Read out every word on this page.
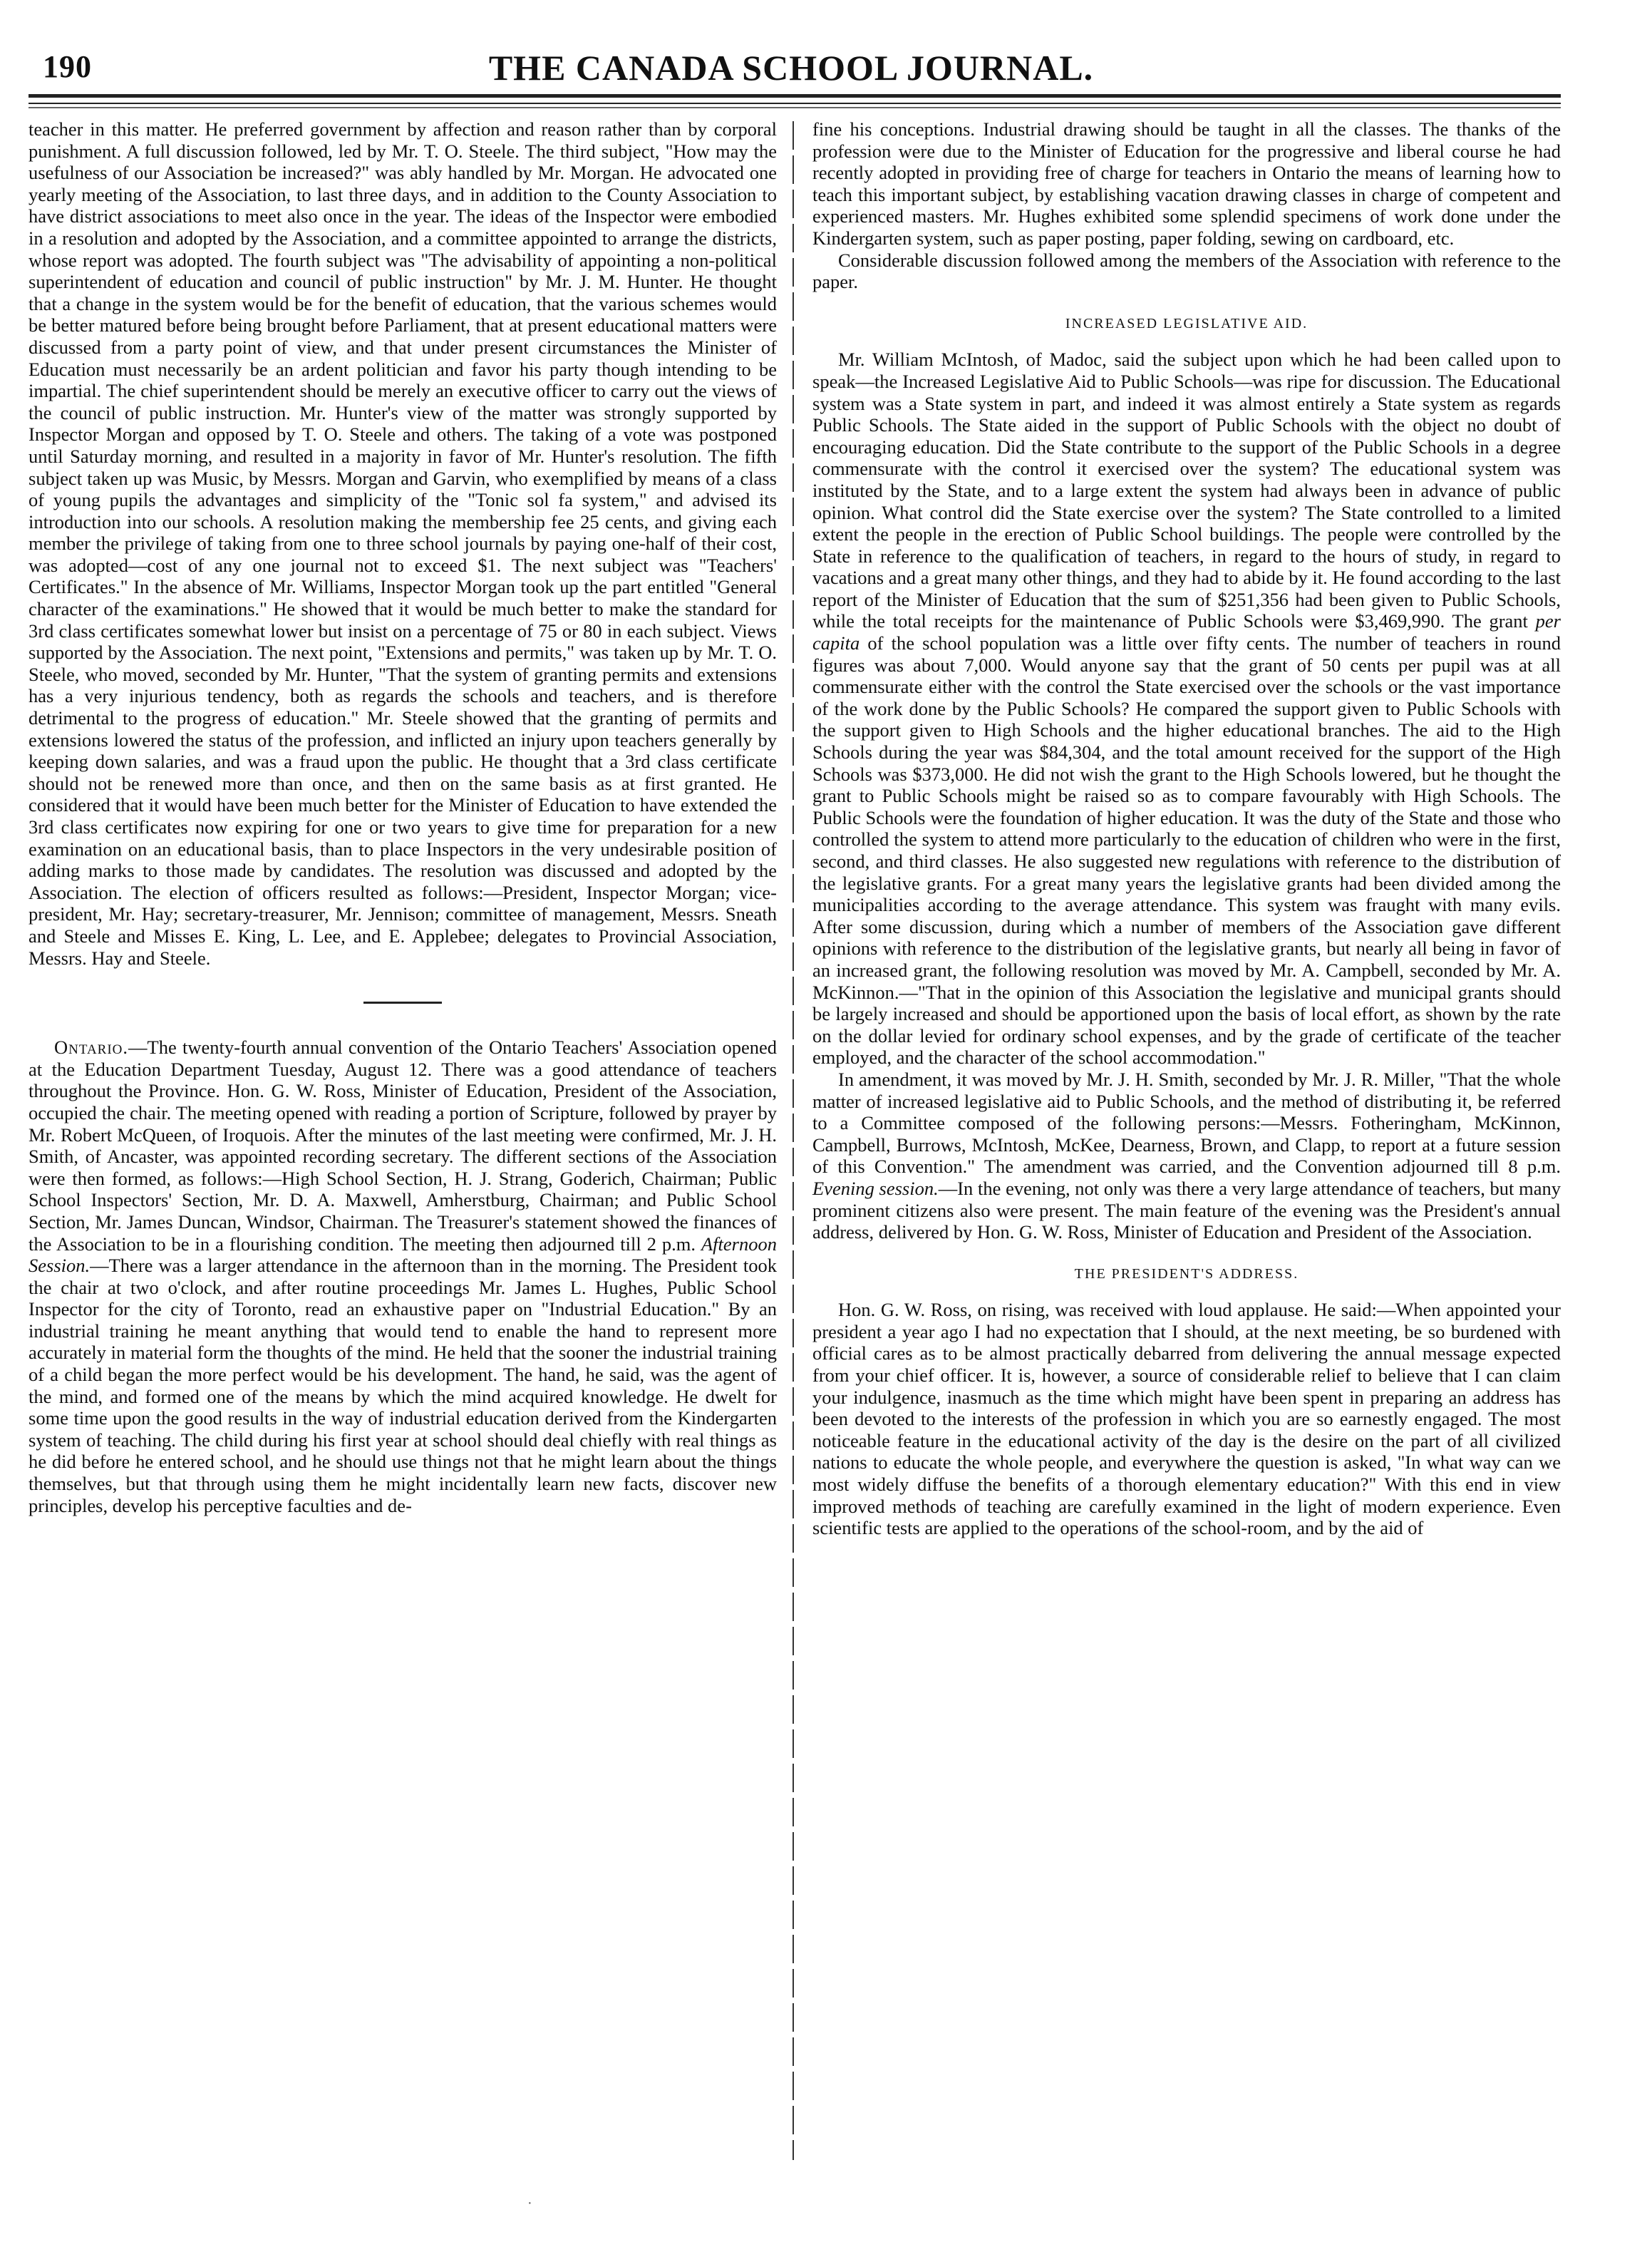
190	THE CANADA SCHOOL JOURNAL.

teacher in this matter. He preferred government by affection and reason rather than by corporal punishment. A full discussion followed, led by Mr. T. O. Steele. The third subject, "How may the usefulness of our Association be increased?" was ably handled by Mr. Morgan. He advocated one yearly meeting of the Association, to last three days, and in addition to the County Association to have district associations to meet also once in the year. The ideas of the Inspector were embodied in a resolution and adopted by the Association, and a committee appointed to arrange the districts, whose report was adopted. The fourth subject was "The advisability of appointing a non-political superintendent of education and council of public instruction" by Mr. J. M. Hunter. He thought that a change in the system would be for the benefit of education, that the various schemes would be better matured before being brought before Parliament, that at present educational matters were discussed from a party point of view, and that under present circumstances the Minister of Education must necessarily be an ardent politician and favor his party though intending to be impartial. The chief superintendent should be merely an executive officer to carry out the views of the council of public instruction. Mr. Hunter's view of the matter was strongly supported by Inspector Morgan and opposed by T. O. Steele and others. The taking of a vote was postponed until Saturday morning, and resulted in a majority in favor of Mr. Hunter's resolution. The fifth subject taken up was Music, by Messrs. Morgan and Garvin, who exemplified by means of a class of young pupils the advantages and simplicity of the "Tonic sol fa system," and advised its introduction into our schools. A resolution making the membership fee 25 cents, and giving each member the privilege of taking from one to three school journals by paying one-half of their cost, was adopted—cost of any one journal not to exceed $1. The next subject was "Teachers' Certificates." In the absence of Mr. Williams, Inspector Morgan took up the part entitled "General character of the examinations." He showed that it would be much better to make the standard for 3rd class certificates somewhat lower but insist on a percentage of 75 or 80 in each subject. Views supported by the Association. The next point, "Extensions and permits," was taken up by Mr. T. O. Steele, who moved, seconded by Mr. Hunter, "That the system of granting permits and extensions has a very injurious tendency, both as regards the schools and teachers, and is therefore detrimental to the progress of education." Mr. Steele showed that the granting of permits and extensions lowered the status of the profession, and inflicted an injury upon teachers generally by keeping down salaries, and was a fraud upon the public. He thought that a 3rd class certificate should not be renewed more than once, and then on the same basis as at first granted. He considered that it would have been much better for the Minister of Education to have extended the 3rd class certificates now expiring for one or two years to give time for preparation for a new examination on an educational basis, than to place Inspectors in the very undesirable position of adding marks to those made by candidates. The resolution was discussed and adopted by the Association. The election of officers resulted as follows:—President, Inspector Morgan; vice-president, Mr. Hay; secretary-treasurer, Mr. Jennison; committee of management, Messrs. Sneath and Steele and Misses E. King, L. Lee, and E. Applebee; delegates to Provincial Association, Messrs. Hay and Steele.

Ontario.—The twenty-fourth annual convention of the Ontario Teachers' Association opened at the Education Department Tuesday, August 12. There was a good attendance of teachers throughout the Province. Hon. G. W. Ross, Minister of Education, President of the Association, occupied the chair. The meeting opened with reading a portion of Scripture, followed by prayer by Mr. Robert McQueen, of Iroquois. After the minutes of the last meeting were confirmed, Mr. J. H. Smith, of Ancaster, was appointed recording secretary. The different sections of the Association were then formed, as follows:—High School Section, H. J. Strang, Goderich, Chairman; Public School Inspectors' Section, Mr. D. A. Maxwell, Amherstburg, Chairman; and Public School Section, Mr. James Duncan, Windsor, Chairman. The Treasurer's statement showed the finances of the Association to be in a flourishing condition. The meeting then adjourned till 2 p.m. Afternoon Session.—There was a larger attendance in the afternoon than in the morning. The President took the chair at two o'clock, and after routine proceedings Mr. James L. Hughes, Public School Inspector for the city of Toronto, read an exhaustive paper on "Industrial Education." By an industrial training he meant anything that would tend to enable the hand to represent more accurately in material form the thoughts of the mind. He held that the sooner the industrial training of a child began the more perfect would be his development. The hand, he said, was the agent of the mind, and formed one of the means by which the mind acquired knowledge. He dwelt for some time upon the good results in the way of industrial education derived from the Kindergarten system of teaching. The child during his first year at school should deal chiefly with real things as he did before he entered school, and he should use things not that he might learn about the things themselves, but that through using them he might incidentally learn new facts, discover new principles, develop his perceptive faculties and de-

fine his conceptions. Industrial drawing should be taught in all the classes. The thanks of the profession were due to the Minister of Education for the progressive and liberal course he had recently adopted in providing free of charge for teachers in Ontario the means of learning how to teach this important subject, by establishing vacation drawing classes in charge of competent and experienced masters. Mr. Hughes exhibited some splendid specimens of work done under the Kindergarten system, such as paper posting, paper folding, sewing on cardboard, etc.

Considerable discussion followed among the members of the Association with reference to the paper.

INCREASED LEGISLATIVE AID.

Mr. William McIntosh, of Madoc, said the subject upon which he had been called upon to speak—the Increased Legislative Aid to Public Schools—was ripe for discussion. The Educational system was a State system in part, and indeed it was almost entirely a State system as regards Public Schools. The State aided in the support of Public Schools with the object no doubt of encouraging education. Did the State contribute to the support of the Public Schools in a degree commensurate with the control it exercised over the system? The educational system was instituted by the State, and to a large extent the system had always been in advance of public opinion. What control did the State exercise over the system? The State controlled to a limited extent the people in the erection of Public School buildings. The people were controlled by the State in reference to the qualification of teachers, in regard to the hours of study, in regard to vacations and a great many other things, and they had to abide by it. He found according to the last report of the Minister of Education that the sum of $251,356 had been given to Public Schools, while the total receipts for the maintenance of Public Schools were $3,469,990. The grant per capita of the school population was a little over fifty cents. The number of teachers in round figures was about 7,000. Would anyone say that the grant of 50 cents per pupil was at all commensurate either with the control the State exercised over the schools or the vast importance of the work done by the Public Schools? He compared the support given to Public Schools with the support given to High Schools and the higher educational branches. The aid to the High Schools during the year was $84,304, and the total amount received for the support of the High Schools was $373,000. He did not wish the grant to the High Schools lowered, but he thought the grant to Public Schools might be raised so as to compare favourably with High Schools. The Public Schools were the foundation of higher education. It was the duty of the State and those who controlled the system to attend more particularly to the education of children who were in the first, second, and third classes. He also suggested new regulations with reference to the distribution of the legislative grants. For a great many years the legislative grants had been divided among the municipalities according to the average attendance. This system was fraught with many evils. After some discussion, during which a number of members of the Association gave different opinions with reference to the distribution of the legislative grants, but nearly all being in favor of an increased grant, the following resolution was moved by Mr. A. Campbell, seconded by Mr. A. McKinnon.—"That in the opinion of this Association the legislative and municipal grants should be largely increased and should be apportioned upon the basis of local effort, as shown by the rate on the dollar levied for ordinary school expenses, and by the grade of certificate of the teacher employed, and the character of the school accommodation."

In amendment, it was moved by Mr. J. H. Smith, seconded by Mr. J. R. Miller, "That the whole matter of increased legislative aid to Public Schools, and the method of distributing it, be referred to a Committee composed of the following persons:—Messrs. Fotheringham, McKinnon, Campbell, Burrows, McIntosh, McKee, Dearness, Brown, and Clapp, to report at a future session of this Convention." The amendment was carried, and the Convention adjourned till 8 p.m. Evening session.—In the evening, not only was there a very large attendance of teachers, but many prominent citizens also were present. The main feature of the evening was the President's annual address, delivered by Hon. G. W. Ross, Minister of Education and President of the Association.

THE PRESIDENT'S ADDRESS.

Hon. G. W. Ross, on rising, was received with loud applause. He said:—When appointed your president a year ago I had no expectation that I should, at the next meeting, be so burdened with official cares as to be almost practically debarred from delivering the annual message expected from your chief officer. It is, however, a source of considerable relief to believe that I can claim your indulgence, inasmuch as the time which might have been spent in preparing an address has been devoted to the interests of the profession in which you are so earnestly engaged. The most noticeable feature in the educational activity of the day is the desire on the part of all civilized nations to educate the whole people, and everywhere the question is asked, "In what way can we most widely diffuse the benefits of a thorough elementary education?" With this end in view improved methods of teaching are carefully examined in the light of modern experience. Even scientific tests are applied to the operations of the school-room, and by the aid of

·
